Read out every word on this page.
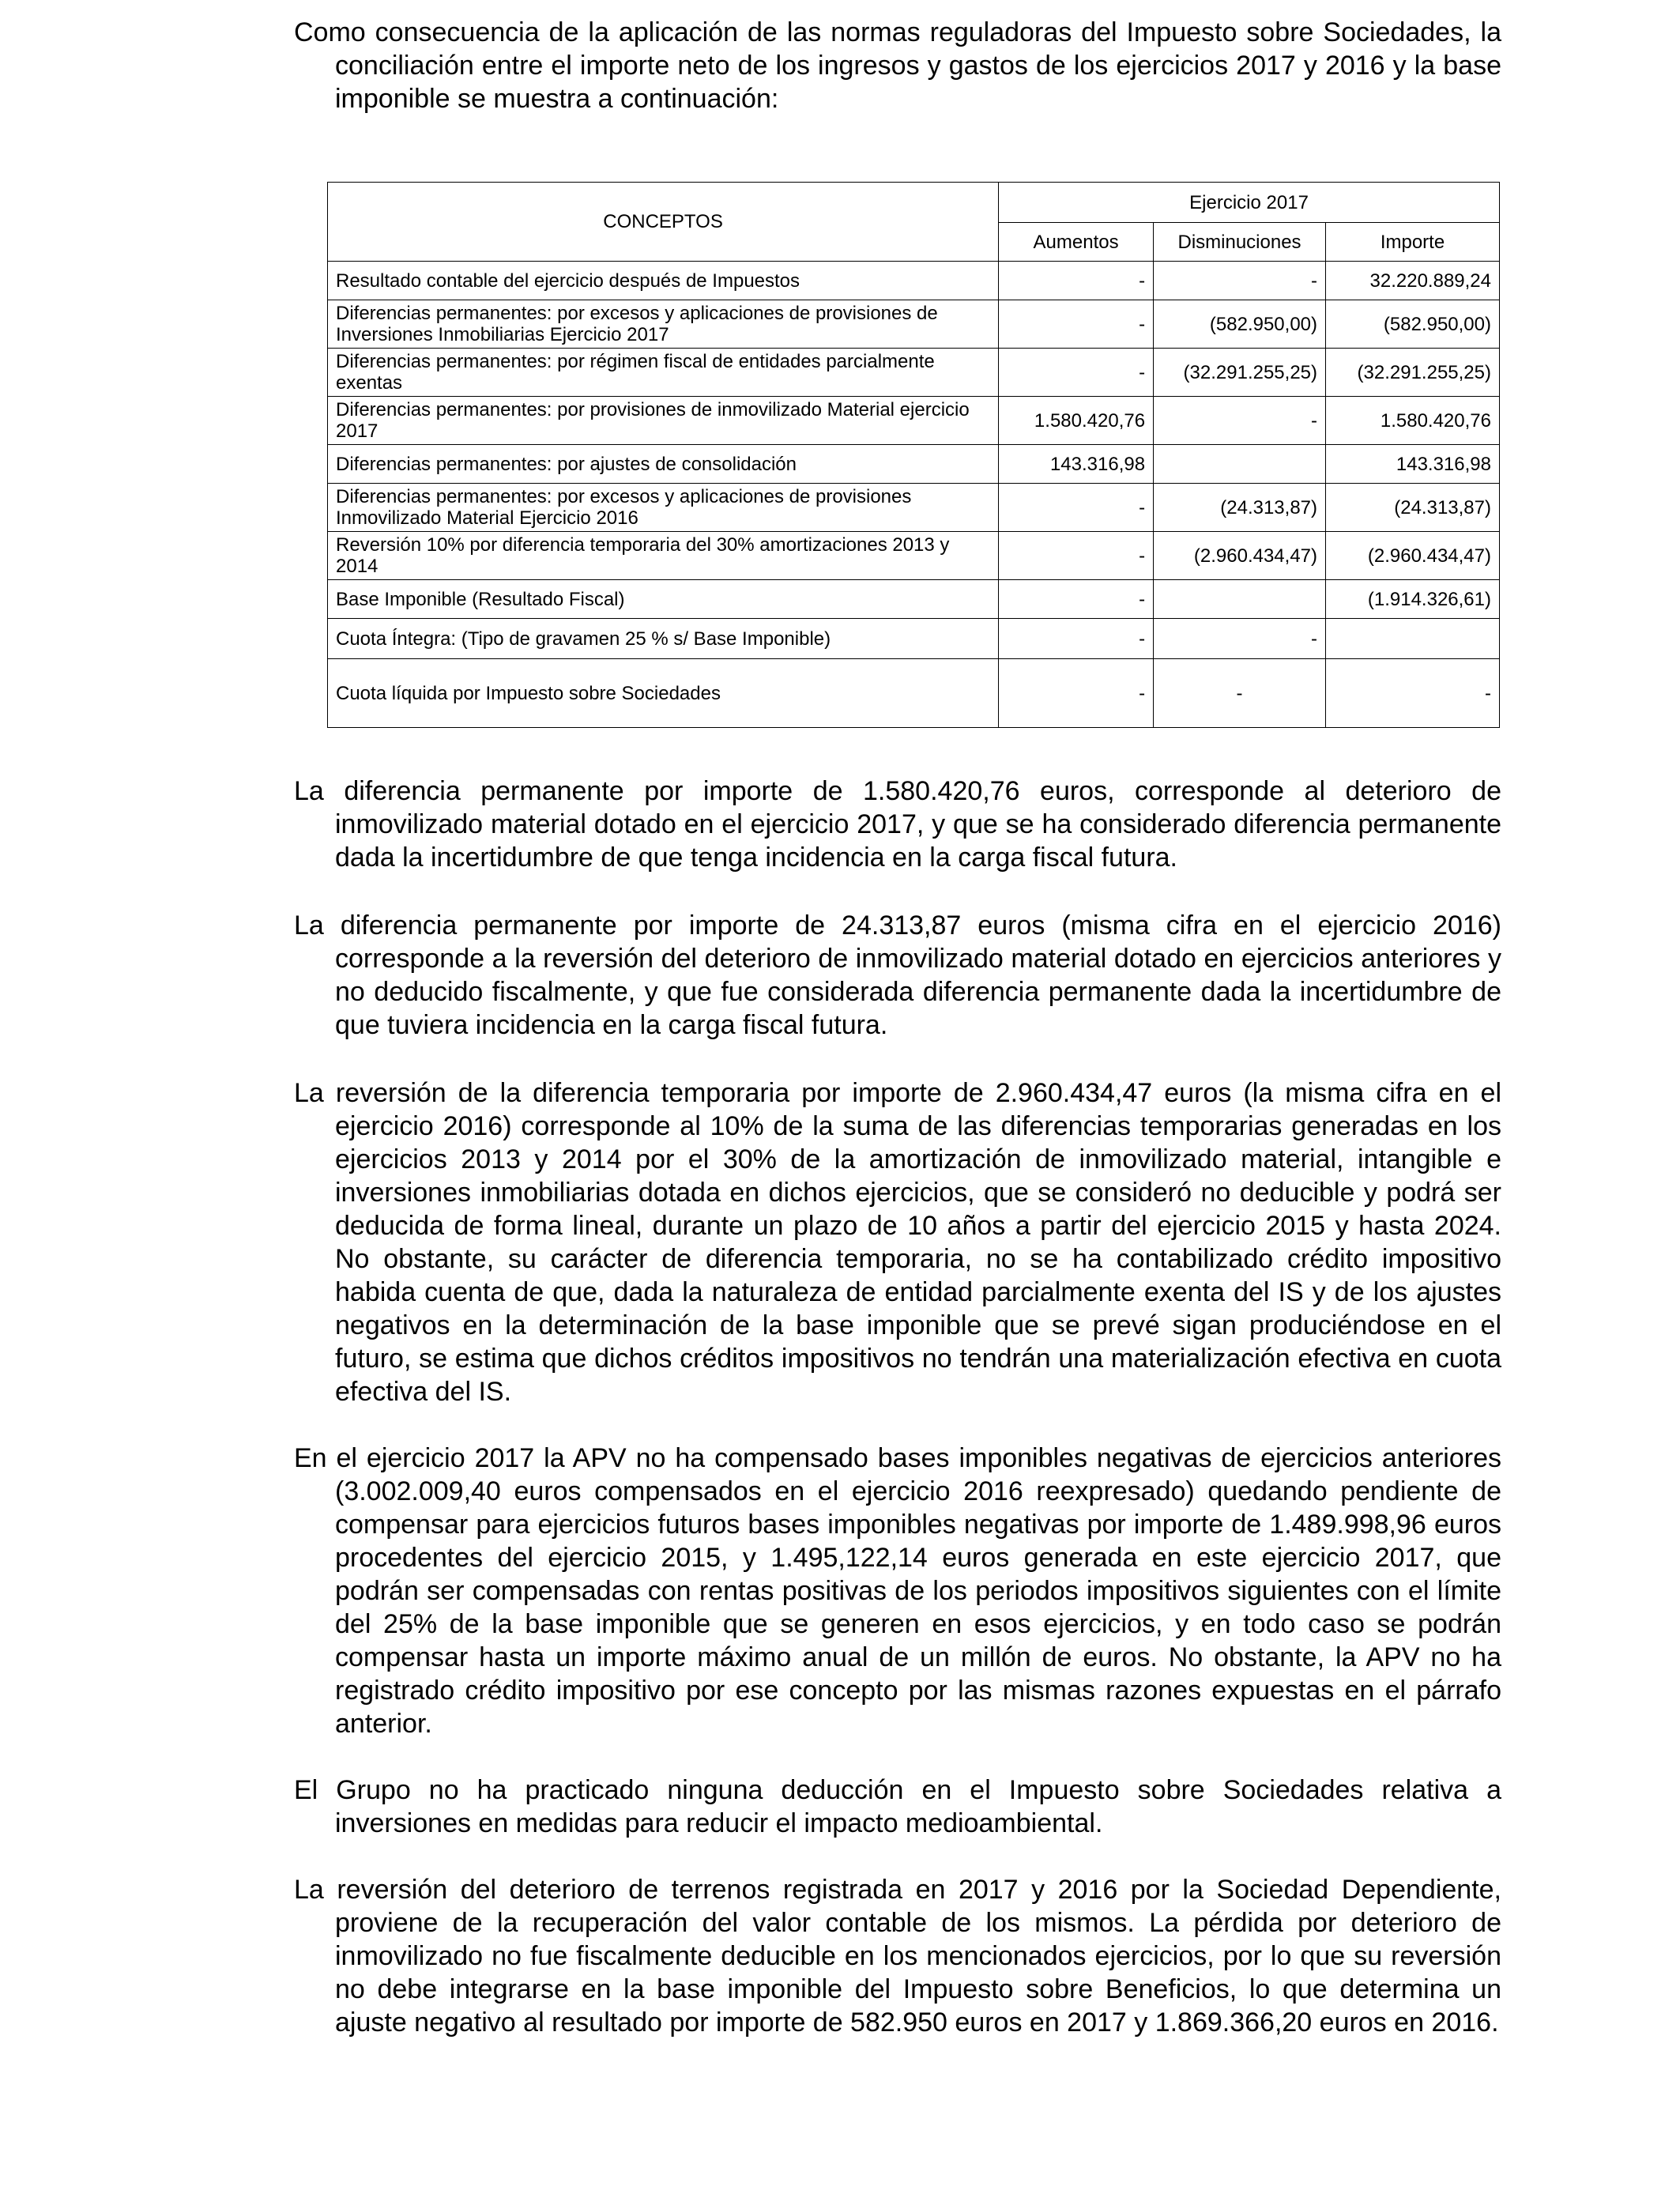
Como consecuencia de la aplicación de las normas reguladoras del Impuesto sobre Sociedades, la conciliación entre el importe neto de los ingresos y gastos de los ejercicios 2017 y 2016 y la base imponible se muestra a continuación:

CONCEPTOS	Ejercicio 2017		
	Aumentos	Disminuciones	Importe
Resultado contable del ejercicio después de Impuestos	-	-	32.220.889,24
Diferencias permanentes: por excesos y aplicaciones de provisiones de Inversiones Inmobiliarias Ejercicio 2017	-	(582.950,00)	(582.950,00)
Diferencias permanentes: por régimen fiscal de entidades parcialmente exentas	-	(32.291.255,25)	(32.291.255,25)
Diferencias permanentes: por provisiones de inmovilizado Material ejercicio 2017	1.580.420,76	-	1.580.420,76
Diferencias permanentes: por ajustes de consolidación	143.316,98		143.316,98
Diferencias permanentes: por excesos y aplicaciones de provisiones Inmovilizado Material Ejercicio 2016	-	(24.313,87)	(24.313,87)
Reversión 10% por diferencia temporaria del 30% amortizaciones 2013 y 2014	-	(2.960.434,47)	(2.960.434,47)
Base Imponible (Resultado Fiscal)	-		(1.914.326,61)
Cuota Íntegra: (Tipo de gravamen 25 % s/ Base Imponible)	-	-	
Cuota líquida por Impuesto sobre Sociedades	-	-	-

La diferencia permanente por importe de 1.580.420,76 euros, corresponde al deterioro de inmovilizado material dotado en el ejercicio 2017, y que se ha considerado diferencia permanente dada la incertidumbre de que tenga incidencia en la carga fiscal futura.

La diferencia permanente por importe de 24.313,87 euros (misma cifra en el ejercicio 2016) corresponde a la reversión del deterioro de inmovilizado material dotado en ejercicios anteriores y no deducido fiscalmente, y que fue considerada diferencia permanente dada la incertidumbre de que tuviera incidencia en la carga fiscal futura.

La reversión de la diferencia temporaria por importe de 2.960.434,47 euros (la misma cifra en el ejercicio 2016) corresponde al 10% de la suma de las diferencias temporarias generadas en los ejercicios 2013 y 2014 por el 30% de la amortización de inmovilizado material, intangible e inversiones inmobiliarias dotada en dichos ejercicios, que se consideró no deducible y podrá ser deducida de forma lineal, durante un plazo de 10 años a partir del ejercicio 2015 y hasta 2024. No obstante, su carácter de diferencia temporaria, no se ha contabilizado crédito impositivo habida cuenta de que, dada la naturaleza de entidad parcialmente exenta del IS y de los ajustes negativos en la determinación de la base imponible que se prevé sigan produciéndose en el futuro, se estima que dichos créditos impositivos no tendrán una materialización efectiva en cuota efectiva del IS.

En el ejercicio 2017 la APV no ha compensado bases imponibles negativas de ejercicios anteriores (3.002.009,40 euros compensados en el ejercicio 2016 reexpresado) quedando pendiente de compensar para ejercicios futuros bases imponibles negativas por importe de 1.489.998,96 euros procedentes del ejercicio 2015, y 1.495,122,14 euros generada en este ejercicio 2017, que podrán ser compensadas con rentas positivas de los periodos impositivos siguientes con el límite del 25% de la base imponible que se generen en esos ejercicios, y en todo caso se podrán compensar hasta un importe máximo anual de un millón de euros. No obstante, la APV no ha registrado crédito impositivo por ese concepto por las mismas razones expuestas en el párrafo anterior.

El Grupo no ha practicado ninguna deducción en el Impuesto sobre Sociedades relativa a inversiones en medidas para reducir el impacto medioambiental.

La reversión del deterioro de terrenos registrada en 2017 y 2016 por la Sociedad Dependiente, proviene de la recuperación del valor contable de los mismos. La pérdida por deterioro de inmovilizado no fue fiscalmente deducible en los mencionados ejercicios, por lo que su reversión no debe integrarse en la base imponible del Impuesto sobre Beneficios, lo que determina un ajuste negativo al resultado por importe de 582.950 euros en 2017 y 1.869.366,20 euros en 2016.
